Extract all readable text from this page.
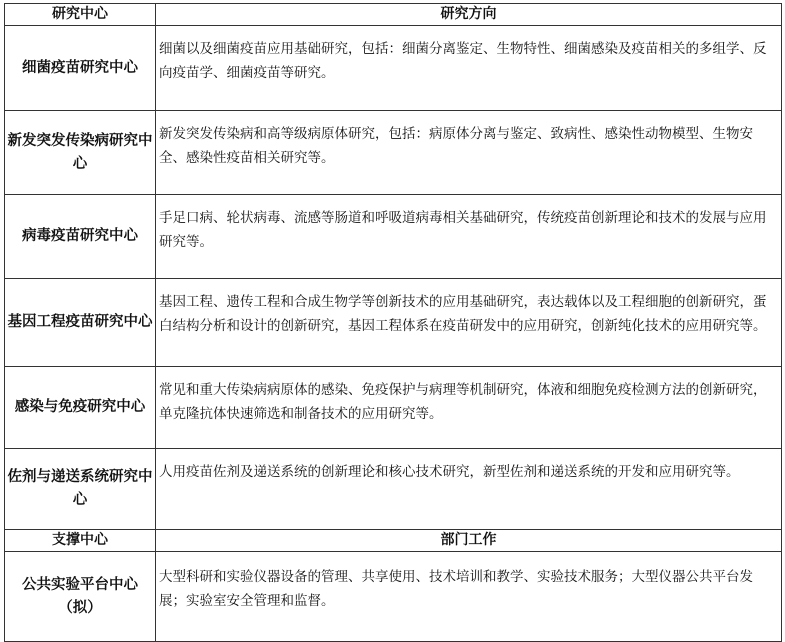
研究中心	研究方向
细菌疫苗研究中心	细菌以及细菌疫苗应用基础研究，包括：细菌分离鉴定、生物特性、细菌感染及疫苗相关的多组学、反向疫苗学、细菌疫苗等研究。
新发突发传染病研究中心	新发突发传染病和高等级病原体研究，包括：病原体分离与鉴定、致病性、感染性动物模型、生物安全、感染性疫苗相关研究等。
病毒疫苗研究中心	手足口病、轮状病毒、流感等肠道和呼吸道病毒相关基础研究，传统疫苗创新理论和技术的发展与应用研究等。
基因工程疫苗研究中心	基因工程、遗传工程和合成生物学等创新技术的应用基础研究，表达载体以及工程细胞的创新研究，蛋白结构分析和设计的创新研究，基因工程体系在疫苗研发中的应用研究，创新纯化技术的应用研究等。
感染与免疫研究中心	常见和重大传染病病原体的感染、免疫保护与病理等机制研究，体液和细胞免疫检测方法的创新研究，单克隆抗体快速筛选和制备技术的应用研究等。
佐剂与递送系统研究中心	人用疫苗佐剂及递送系统的创新理论和核心技术研究，新型佐剂和递送系统的开发和应用研究等。
支撑中心	部门工作
公共实验平台中心（拟）	大型科研和实验仪器设备的管理、共享使用、技术培训和教学、实验技术服务；大型仪器公共平台发展；实验室安全管理和监督。
